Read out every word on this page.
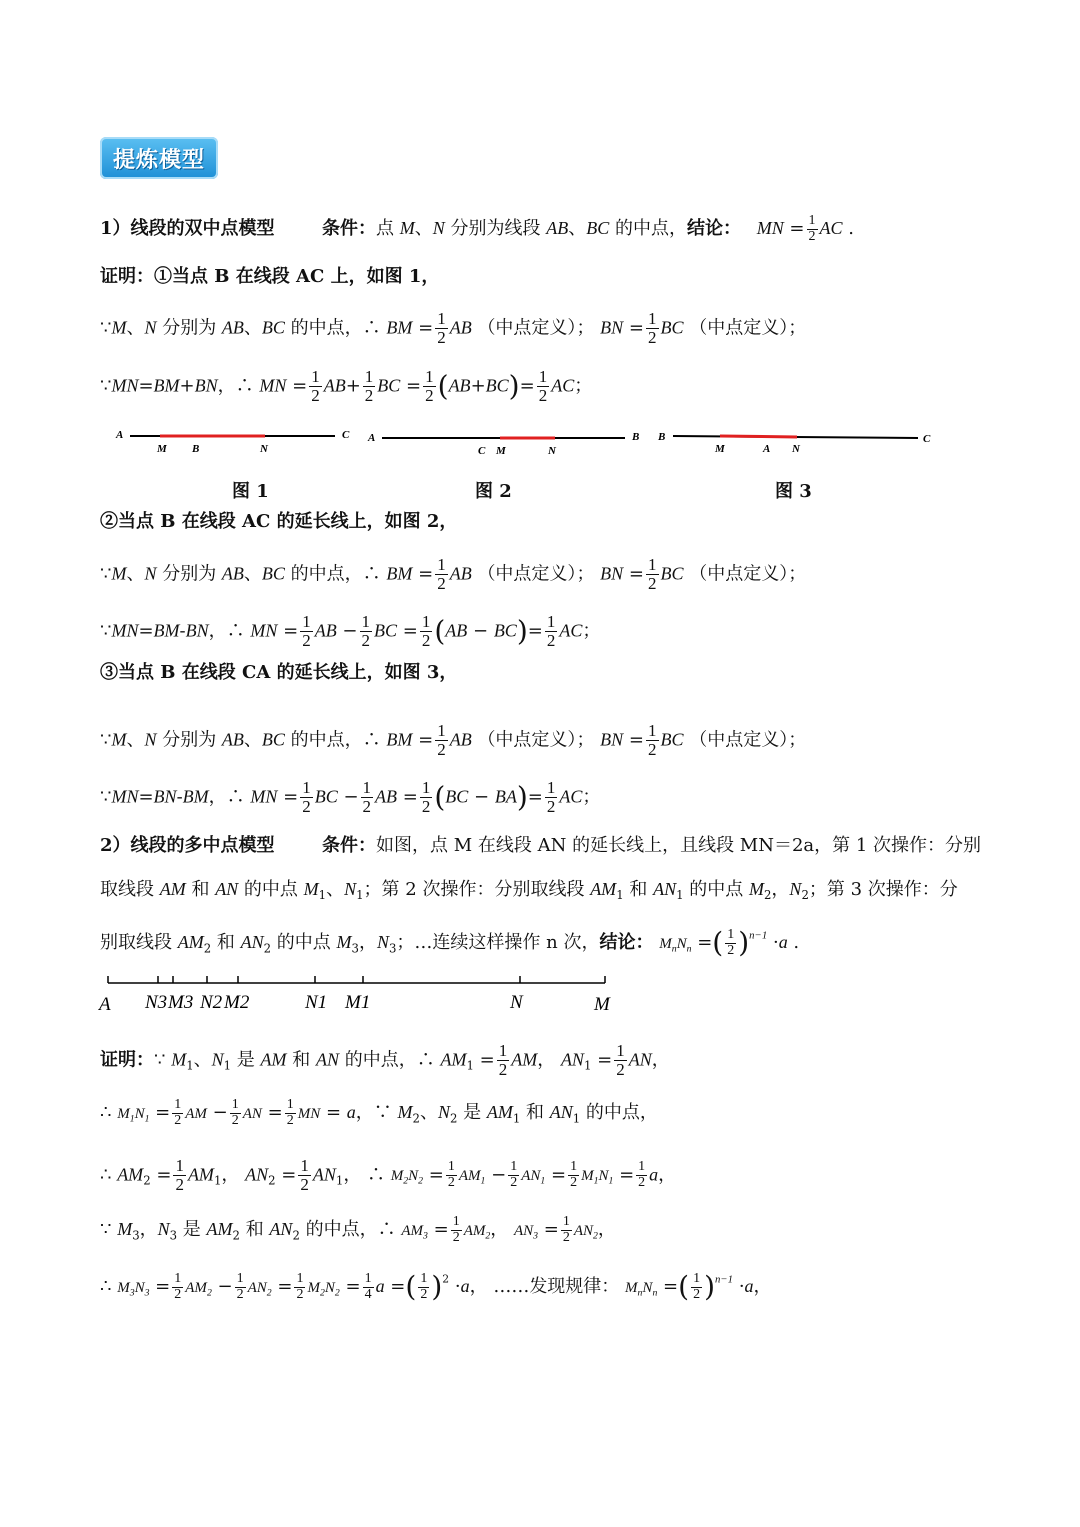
提炼模型
1）线段的双中点模型	条件：点 M、N 分别为线段 AB、BC 的中点，结论： MN = $\frac{1}{2}$ AC .
证明：①当点 B 在线段 AC 上，如图 1，
∵M、N 分别为 AB、BC 的中点，∴ BM = $\frac{1}{2}$ AB （中点定义）； BN = $\frac{1}{2}$ BC （中点定义）；
∵MN=BM+BN，∴ MN = $\frac{1}{2} AB+ \frac{1}{2}$ BC = $\frac{1}{2} (AB+BC)= \frac{1}{2}$ AC；
A	C
M B	N
A	B
C M	N
B	C
M	A N
图 1	图 2	图 3
②当点 B 在线段 AC 的延长线上，如图 2，
∵M、N 分别为 AB、BC 的中点，∴ BM = $\frac{1}{2}$ AB （中点定义）； BN = $\frac{1}{2}$ BC （中点定义）；
∵MN=BM-BN，∴ MN = $\frac{1}{2}$ AB − $\frac{1}{2}$ BC = $\frac{1}{2} (AB - BC)= \frac{1}{2}$ AC；
③当点 B 在线段 CA 的延长线上，如图 3，
∵M、N 分别为 AB、BC 的中点，∴ BM = $\frac{1}{2}$ AB （中点定义）； BN = $\frac{1}{2}$ BC （中点定义）；
∵MN=BN-BM，∴ MN = $\frac{1}{2}$ BC − $\frac{1}{2}$ AB = $\frac{1}{2} (BC - BA)= \frac{1}{2}$ AC；
2）线段的多中点模型	条件：如图，点 M 在线段 AN 的延长线上，且线段 MN＝2a，第 1 次操作：分别
取线段 AM 和 AN 的中点 $M_1$、$N_1$；第 2 次操作：分别取线段 $AM_1$ 和 $AN_1$ 的中点 $M_2$，$N_2$；第 3 次操作：分
别取线段 $AM_2$ 和 $AN_2$ 的中点 $M_3$，$N_3$；…连续这样操作 n 次，结论： $M_nN_n$ =( $\frac{1}{2} )^{n-1} \cdot a$ .
A N3 M3 N2 M2	N1 M1	N	M
证明：∵ $M_1$、$N_1$ 是 AM 和 AN 的中点，∴ $AM_1 = \frac{1}{2}$ AM， $AN_1 = \frac{1}{2}$ AN，
∴ $M_1N_1 = \frac{1}{2}$ AM − $\frac{1}{2}$ AN = $\frac{1}{2}$ MN = a，∵ $M_2$、$N_2$ 是 $AM_1$ 和 $AN_1$ 的中点，
∴ $AM_2 = \frac{1}{2} AM_1$， $AN_2 = \frac{1}{2} AN_1$， ∴ $M_2N_2 = \frac{1}{2} AM_1 - \frac{1}{2} AN_1 = \frac{1}{2} M_1N_1 = \frac{1}{2}$ a，
∵ $M_3$，$N_3$ 是 $AM_2$ 和 $AN_2$ 的中点，∴ $AM_3 = \frac{1}{2} AM_2$， $AN_3 = \frac{1}{2} AN_2$，
∴ $M_3N_3 = \frac{1}{2} AM_2 - \frac{1}{2} AN_2 = \frac{1}{2} M_2N_2 = \frac{1}{4}$ a =( $\frac{1}{2} )^2 \cdot a$， ……发现规律： $M_nN_n$ =( $\frac{1}{2} )^{n-1} \cdot a$，
